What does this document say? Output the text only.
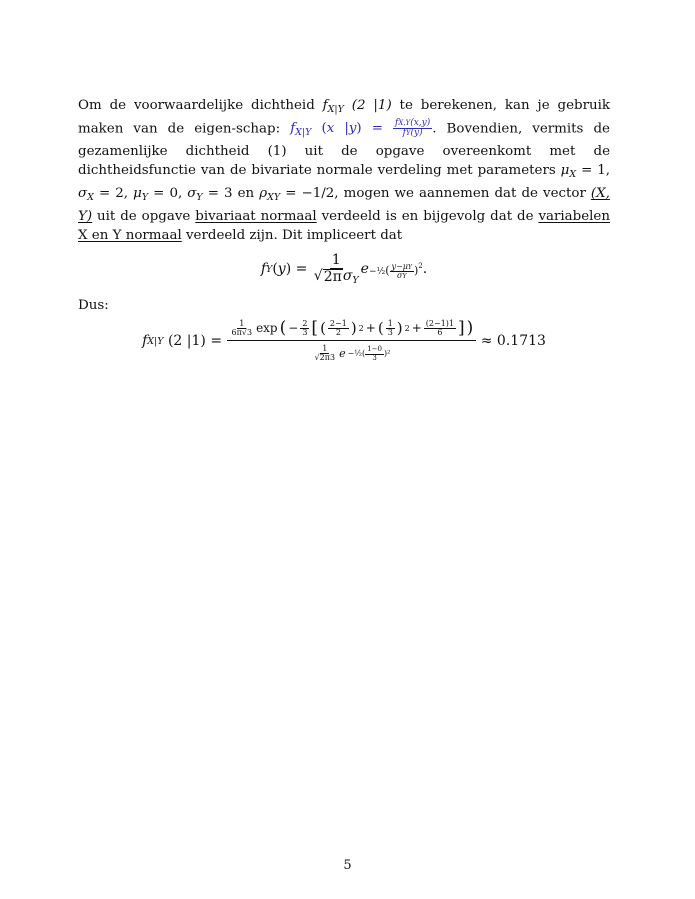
Om de voorwaardelijke dichtheid $f_{X|Y}$ (2 |1) te berekenen, kan je gebruik maken van de eigen-schap: $f_{X|Y}$ (x $|y) = \frac{fX,Y(x,y)}{fY(y)}$ . Bovendien, vermits de gezamenlijke dichtheid (1) uit de opgave overeenkomt met de dichtheidsfunctie van de bivariate normale verdeling met parameters $\mu_X = 1$, $\sigma_X = 2$, $\mu_Y = 0$, $\sigma_Y = 3$ en $\rho_{XY} = -1/2$, mogen we aannemen dat de vector (X, Y) uit de opgave bivariaat normaal verdeeld is en bijgevolg dat de variabelen X en Y normaal verdeeld zijn. Dit impliceert dat

f Y ( y ) = $\frac{1}{√ 2\pi \sigma_Y}$ e −½( $\frac{y-\mu Y}{\sigma Y} )^2$ .

Dus:

f X|Y (2 |1) =
$\frac{1}{6\pi√3}$ exp ( − $\frac{2}{3}$ [ ( $\frac{2-1}{2}$ ) 2 + ( $\frac{1}{3}$ ) $2 + \frac{(2-1)1}{6}$ ] )
$\frac{1}{√2\pi 3}$ e −½( $\frac{1-0}{3} )^2$

≈ 0.1713
5
